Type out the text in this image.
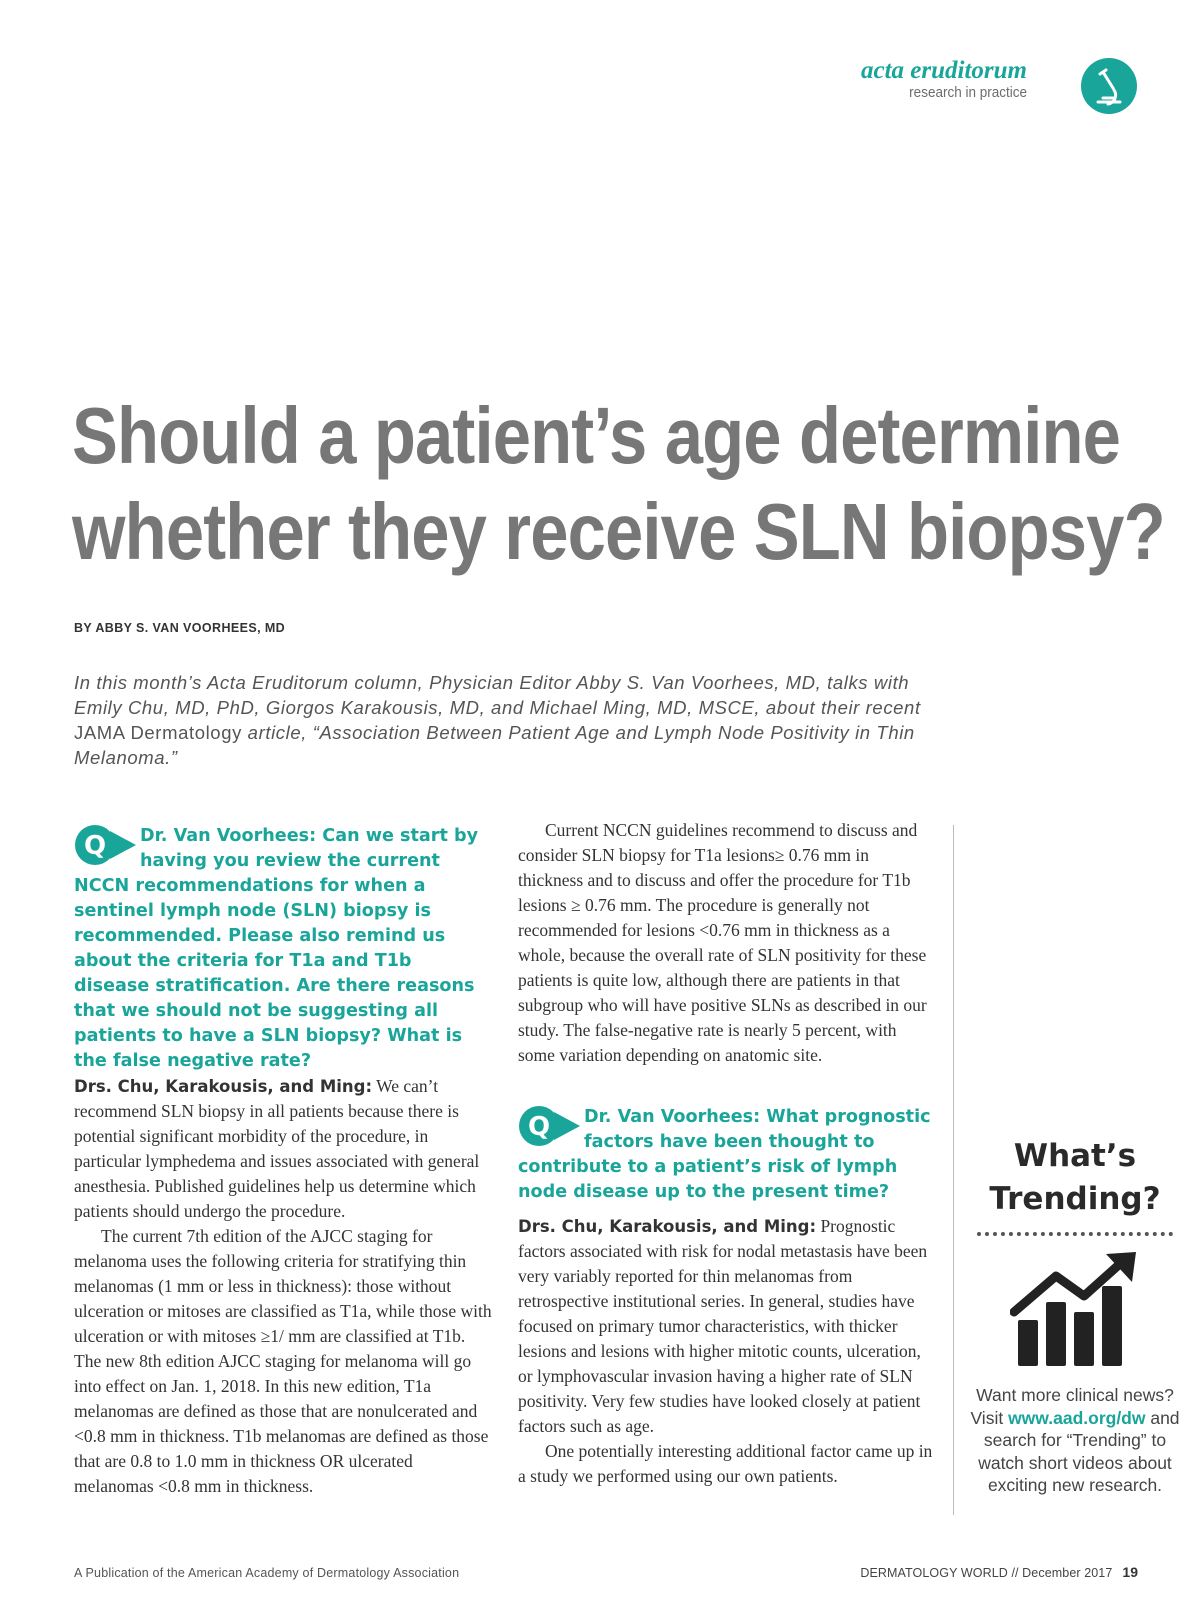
acta eruditorum
research in practice
Should a patient’s age determine
whether they receive SLN biopsy?
BY ABBY S. VAN VOORHEES, MD

In this month’s Acta Eruditorum column, Physician Editor Abby S. Van Voorhees, MD, talks with Emily Chu, MD, PhD, Giorgos Karakousis, MD, and Michael Ming, MD, MSCE, about their recent JAMA Dermatology article, “Association Between Patient Age and Lymph Node Positivity in Thin Melanoma.”

Q	Dr. Van Voorhees: Can we start by having you review the current NCCN recommendations for when a sentinel lymph node (SLN) biopsy is recommended. Please also remind us about the criteria for T1a and T1b disease stratification. Are there reasons that we should not be suggesting all patients to have a SLN biopsy? What is the false negative rate?

Drs. Chu, Karakousis, and Ming: We can’t recommend SLN biopsy in all patients because there is potential significant morbidity of the procedure, in particular lymphedema and issues associated with general anesthesia. Published guidelines help us determine which patients should undergo the procedure.

The current 7th edition of the AJCC staging for melanoma uses the following criteria for stratifying thin melanomas (1 mm or less in thickness): those without ulceration or mitoses are classified as T1a, while those with ulceration or with mitoses ≥1/ mm are classified at T1b. The new 8th edition AJCC staging for melanoma will go into effect on Jan. 1, 2018. In this new edition, T1a melanomas are defined as those that are nonulcerated and <0.8 mm in thickness. T1b melanomas are defined as those that are 0.8 to 1.0 mm in thickness OR ulcerated melanomas <0.8 mm in thickness.

Current NCCN guidelines recommend to discuss and consider SLN biopsy for T1a lesions≥ 0.76 mm in thickness and to discuss and offer the procedure for T1b lesions ≥ 0.76 mm. The procedure is generally not recommended for lesions <0.76 mm in thickness as a whole, because the overall rate of SLN positivity for these patients is quite low, although there are patients in that subgroup who will have positive SLNs as described in our study. The false-negative rate is nearly 5 percent, with some variation depending on anatomic site.

Q	Dr. Van Voorhees: What prognostic factors have been thought to contribute to a patient’s risk of lymph node disease up to the present time?

Drs. Chu, Karakousis, and Ming: Prognostic factors associated with risk for nodal metastasis have been very variably reported for thin melanomas from retrospective institutional series. In general, studies have focused on primary tumor characteristics, with thicker lesions and lesions with higher mitotic counts, ulceration, or lymphovascular invasion having a higher rate of SLN positivity. Very few studies have looked closely at patient factors such as age.

One potentially interesting additional factor came up in a study we performed using our own patients.

What’s
Trending?

Want more clinical news? Visit www.aad.org/dw and search for “Trending” to watch short videos about exciting new research.

A Publication of the American Academy of Dermatology Association	DERMATOLOGY WORLD // December 2017 19
